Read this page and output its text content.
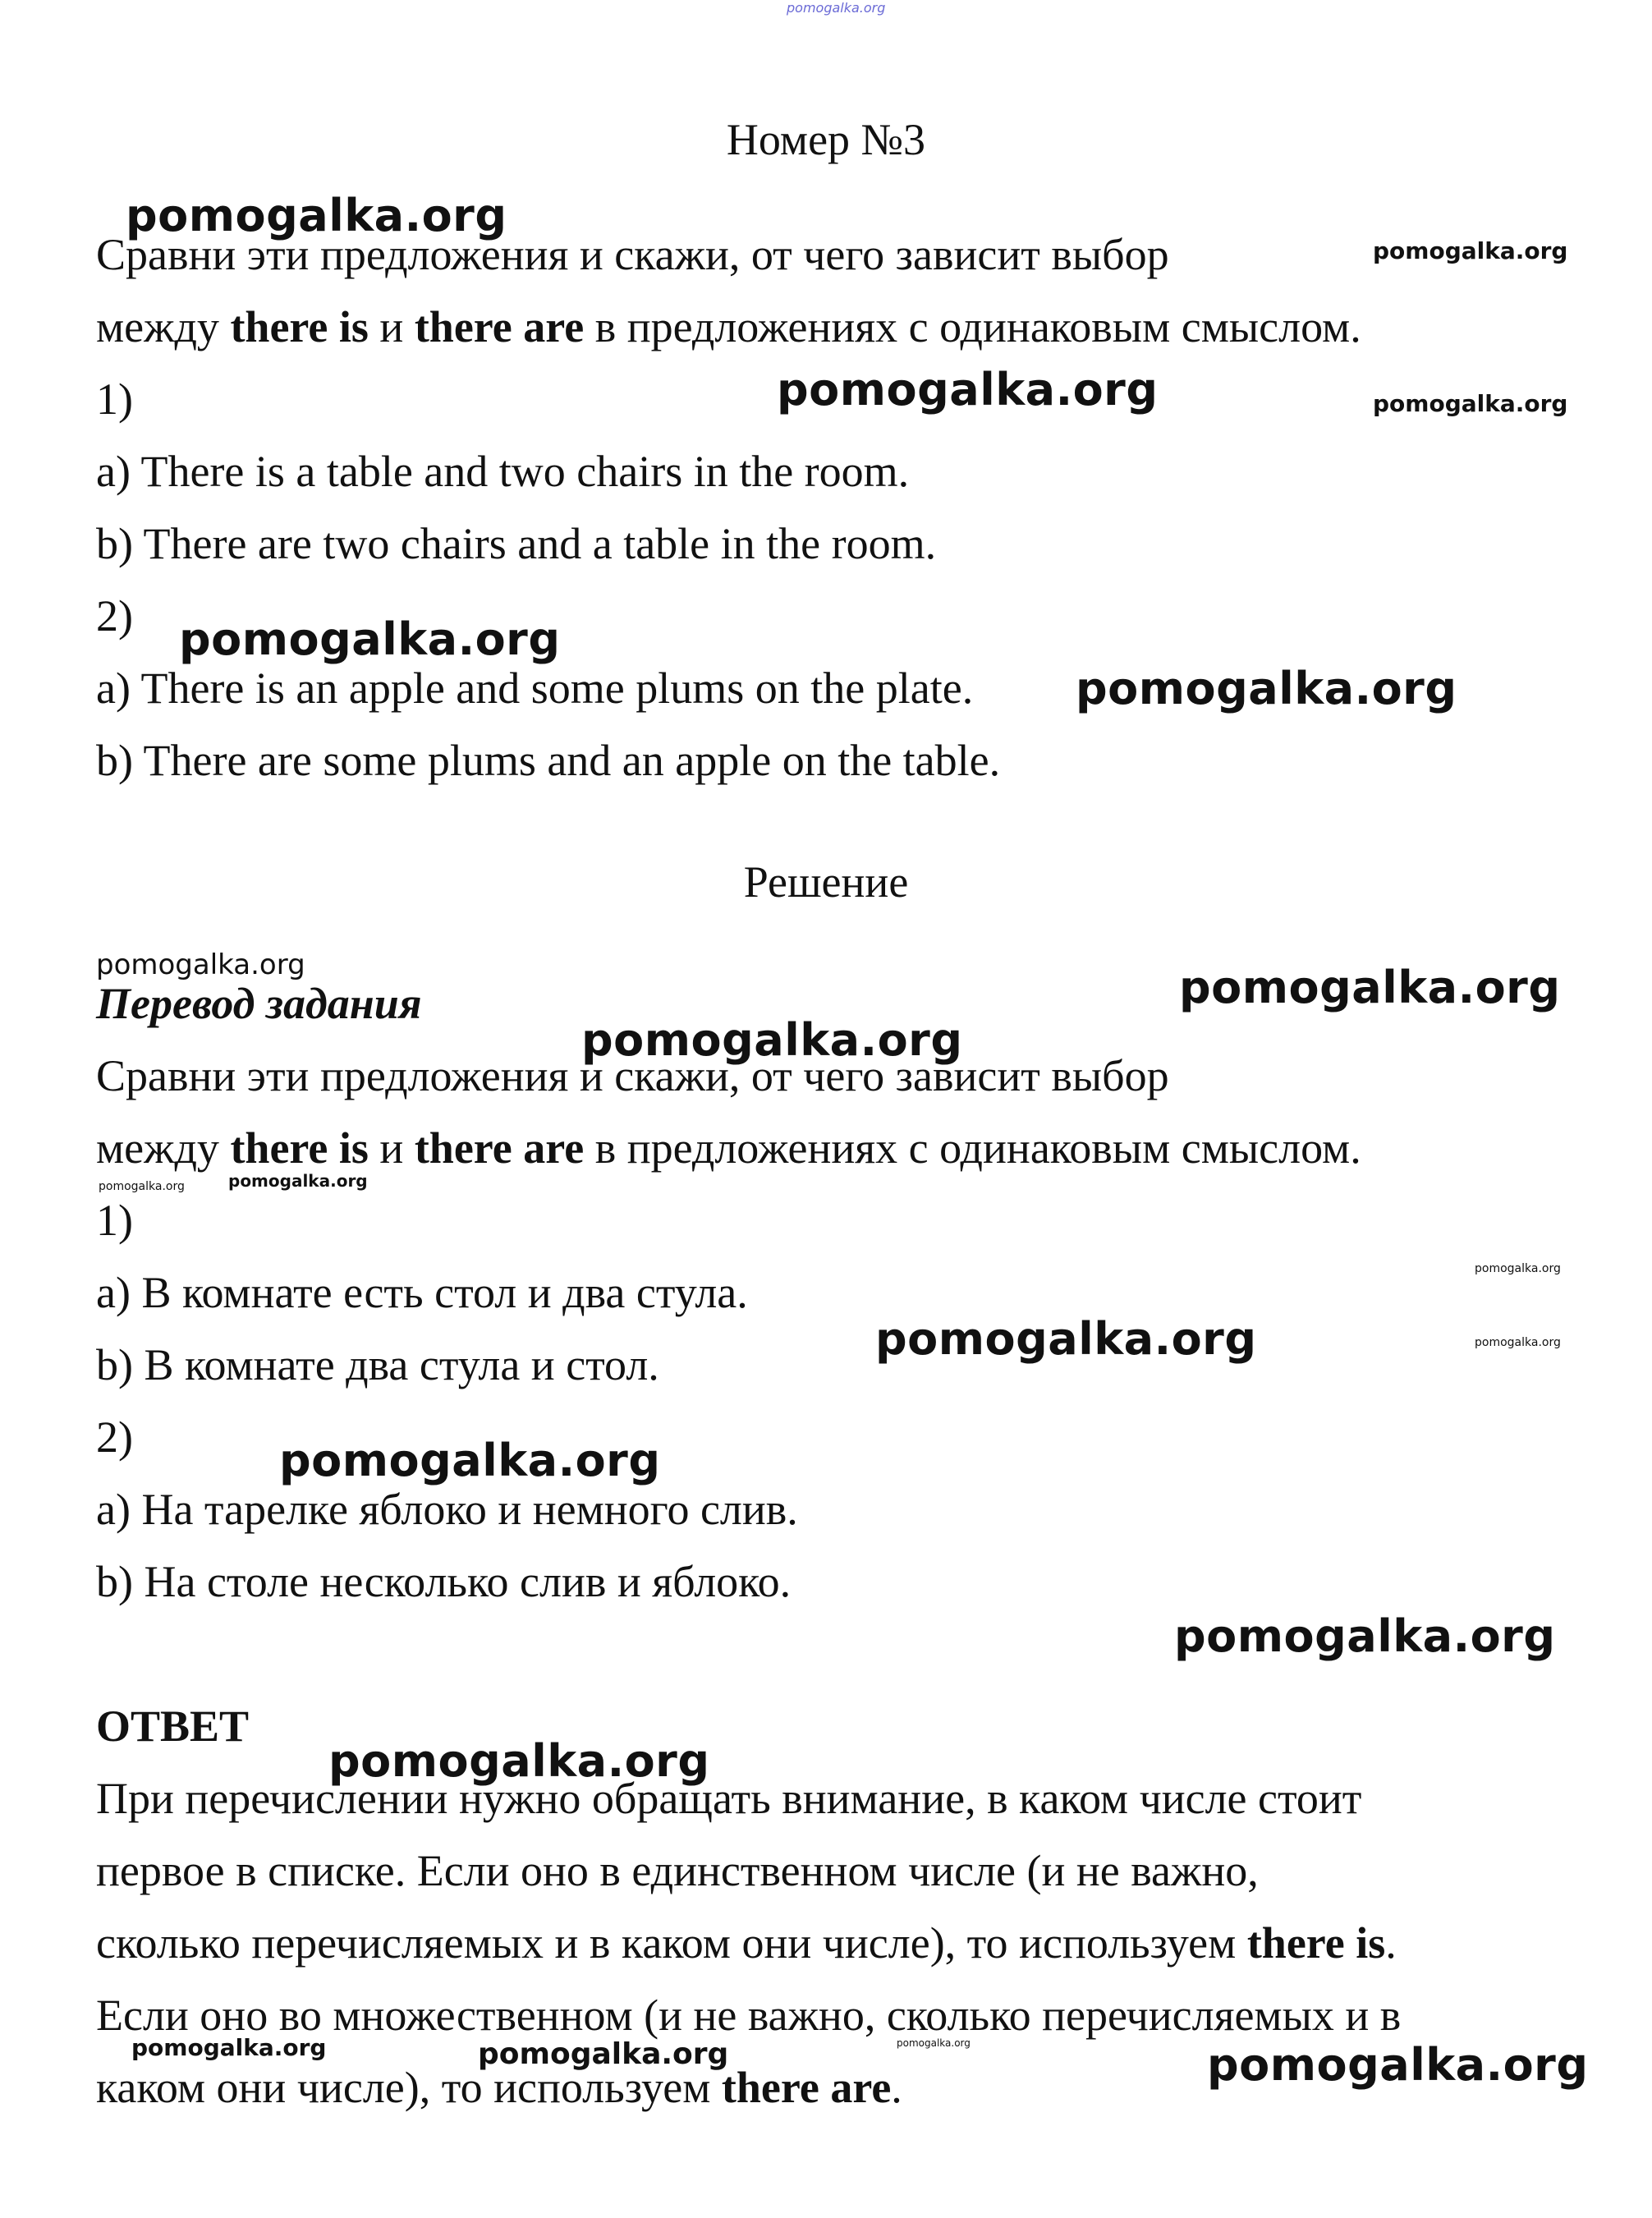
pomogalka.org
Номер №3
Сравни эти предложения и скажи, от чего зависит выбор
между there is и there are в предложениях с одинаковым смыслом.
1)
a) There is a table and two chairs in the room.
b) There are two chairs and a table in the room.
2)
a) There is an apple and some plums on the plate.
b) There are some plums and an apple on the table.
Решение
Перевод задания
Сравни эти предложения и скажи, от чего зависит выбор
между there is и there are в предложениях с одинаковым смыслом.
1)
a) В комнате есть стол и два стула.
b) В комнате два стула и стол.
2)
a) На тарелке яблоко и немного слив.
b) На столе несколько слив и яблоко.
ОТВЕТ
При перечислении нужно обращать внимание, в каком числе стоит
первое в списке. Если оно в единственном числе (и не важно,
сколько перечисляемых и в каком они числе), то используем there is.
Если оно во множественном (и не важно, сколько перечисляемых и в
каком они числе), то используем there are.
pomogalka.org
pomogalka.org
pomogalka.org	pomogalka.org
pomogalka.org
pomogalka.org
pomogalka.org	pomogalka.org
pomogalka.org
pomogalka.org	pomogalka.org
pomogalka.org
pomogalka.org	pomogalka.org
pomogalka.org
pomogalka.org
pomogalka.org
pomogalka.org	pomogalka.org	pomogalka.org	pomogalka.org
